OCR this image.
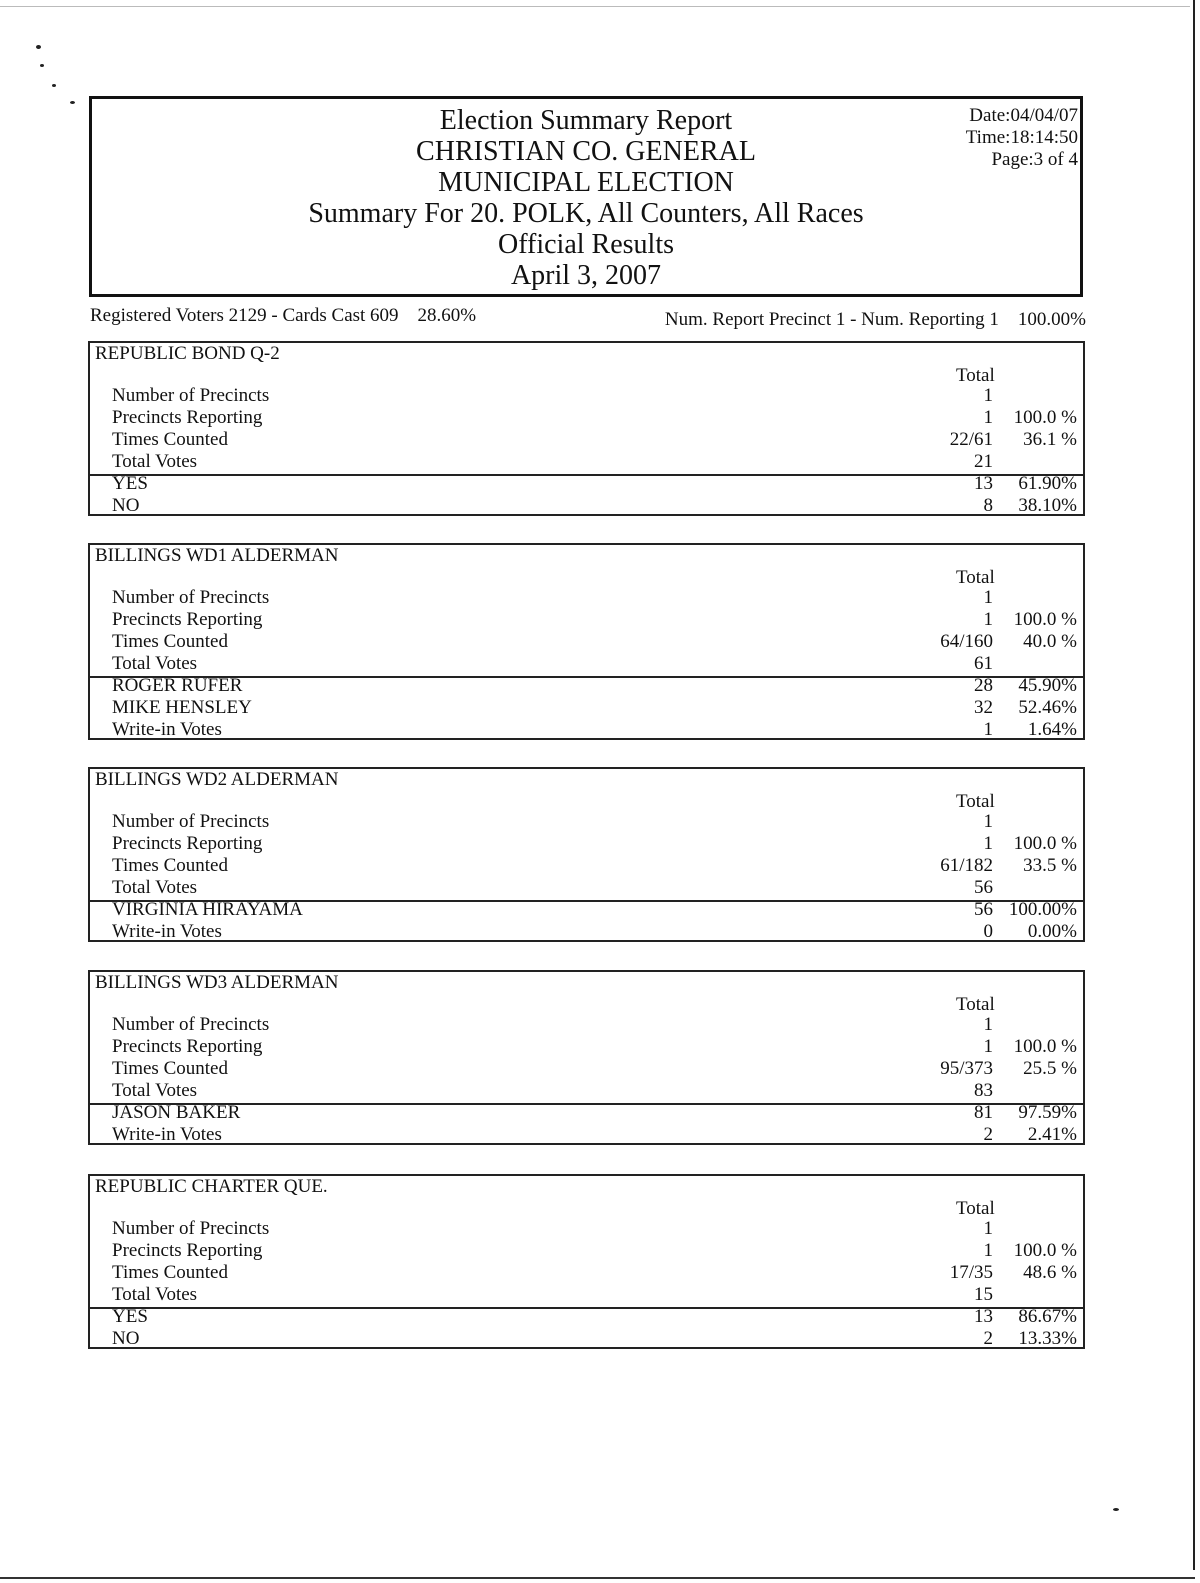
Election Summary Report
CHRISTIAN CO. GENERAL
MUNICIPAL ELECTION
Summary For 20. POLK, All Counters, All Races
Official Results
April 3, 2007
Date:04/04/07
Time:18:14:50
Page:3 of 4
Registered Voters 2129 - Cards Cast 609 28.60%	Num. Report Precinct 1 - Num. Reporting 1 100.00%
REPUBLIC BOND Q-2
Total
Number of Precincts	1
Precincts Reporting	1 100.0 %
Times Counted	22/61 36.1 %
Total Votes	21
YES	13 61.90%
NO	8 38.10%
BILLINGS WD1 ALDERMAN
Total
Number of Precincts	1
Precincts Reporting	1 100.0 %
Times Counted	64/160 40.0 %
Total Votes	61
ROGER RUFER	28 45.90%
MIKE HENSLEY	32 52.46%
Write-in Votes	1 1.64%
BILLINGS WD2 ALDERMAN
Total
Number of Precincts	1
Precincts Reporting	1 100.0 %
Times Counted	61/182 33.5 %
Total Votes	56
VIRGINIA HIRAYAMA	56 100.00%
Write-in Votes	0 0.00%
BILLINGS WD3 ALDERMAN
Total
Number of Precincts	1
Precincts Reporting	1 100.0 %
Times Counted	95/373 25.5 %
Total Votes	83
JASON BAKER	81 97.59%
Write-in Votes	2 2.41%
REPUBLIC CHARTER QUE.
Total
Number of Precincts	1
Precincts Reporting	1 100.0 %
Times Counted	17/35 48.6 %
Total Votes	15
YES	13 86.67%
NO	2 13.33%
